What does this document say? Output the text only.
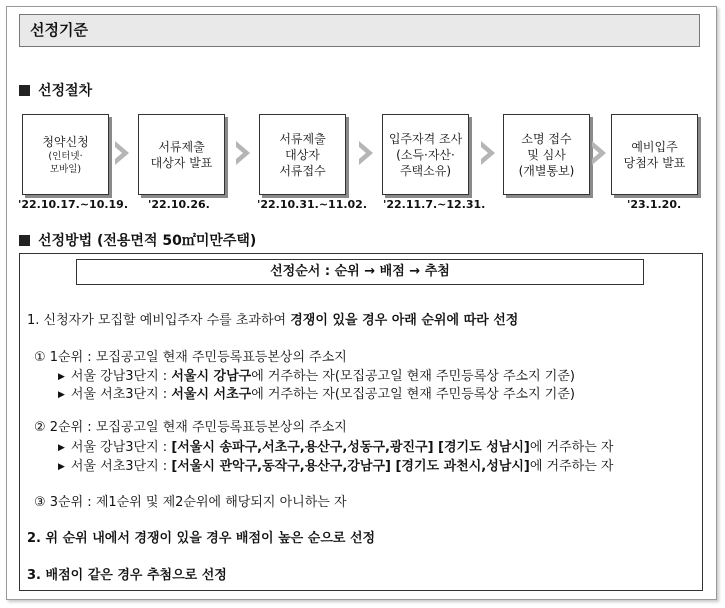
선정기준
선정절차
청약신청
(인터넷·
모바일)
서류제출
대상자 발표
서류제출
대상자
서류접수
입주자격 조사
(소득·자산·
주택소유)
소명 접수
및 심사
(개별통보)
예비입주
당첨자 발표
'22.10.17.~10.19. '22.10.26.	'22.10.31.~11.02. '22.11.7.~12.31.	'23.1.20.
선정방법 (전용면적 50㎡미만주택)
선정순서 : 순위 → 배점 → 추첨
1. 신청자가 모집할 예비입주자 수를 초과하여 경쟁이 있을 경우 아래 순위에 따라 선정
① 1순위 : 모집공고일 현재 주민등록표등본상의 주소지
▶ 서울 강남3단지 : 서울시 강남구에 거주하는 자(모집공고일 현재 주민등록상 주소지 기준)
▶ 서울 서초3단지 : 서울시 서초구에 거주하는 자(모집공고일 현재 주민등록상 주소지 기준)
② 2순위 : 모집공고일 현재 주민등록표등본상의 주소지
▶ 서울 강남3단지 : [서울시 송파구,서초구,용산구,성동구,광진구] [경기도 성남시]에 거주하는 자
▶ 서울 서초3단지 : [서울시 관악구,동작구,용산구,강남구] [경기도 과천시,성남시]에 거주하는 자
③ 3순위 : 제1순위 및 제2순위에 해당되지 아니하는 자
2. 위 순위 내에서 경쟁이 있을 경우 배점이 높은 순으로 선정
3. 배점이 같은 경우 추첨으로 선정
